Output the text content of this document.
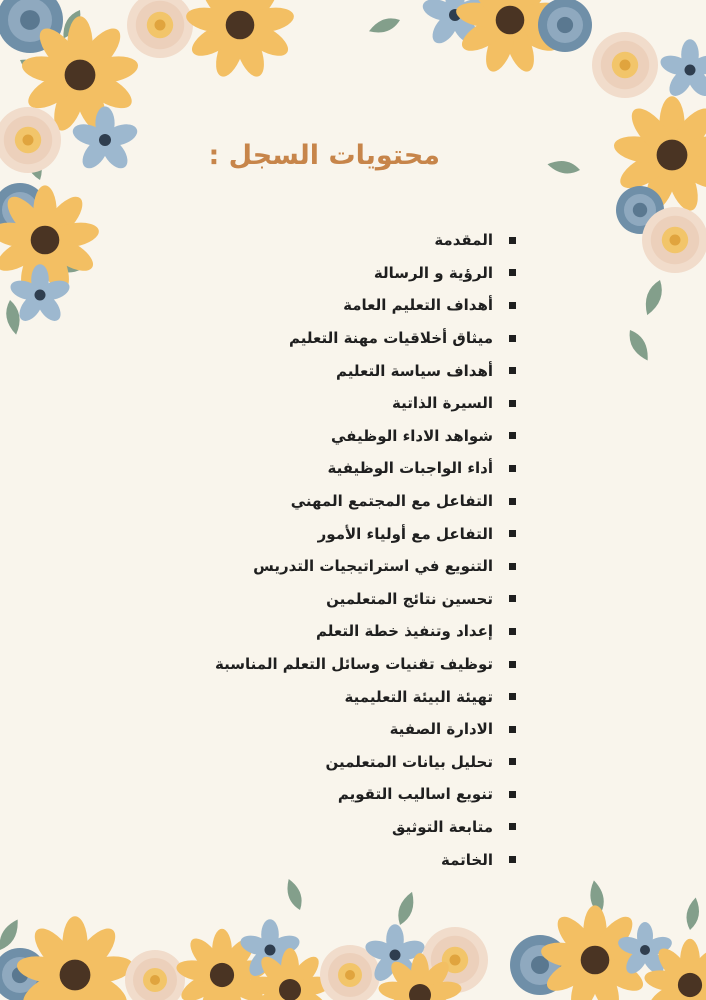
محتويات السجل :
المقدمة
الرؤية و الرسالة
أهداف التعليم العامة
ميثاق أخلاقيات مهنة التعليم
أهداف سياسة التعليم
السيرة الذاتية
شواهد الاداء الوظيفي
أداء الواجبات الوظيفية
التفاعل مع المجتمع المهني
التفاعل مع أولياء الأمور
التنويع في استراتيجيات التدريس
تحسين نتائج المتعلمين
إعداد وتنفيذ خطة التعلم
توظيف تقنيات وسائل التعلم المناسبة
تهيئة البيئة التعليمية
الادارة الصفية
تحليل بيانات المتعلمين
تنويع اساليب التقويم
متابعة التوثيق
الخاتمة
